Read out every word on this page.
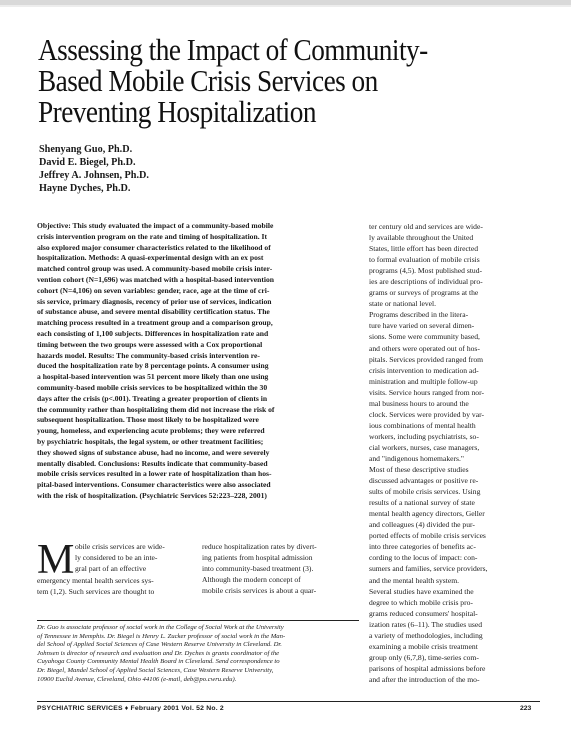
Assessing the Impact of Community-
Based Mobile Crisis Services on
Preventing Hospitalization
Shenyang Guo, Ph.D.
David E. Biegel, Ph.D.
Jeffrey A. Johnsen, Ph.D.
Hayne Dyches, Ph.D.
Objective: This study evaluated the impact of a community-based mobile
crisis intervention program on the rate and timing of hospitalization. It
also explored major consumer characteristics related to the likelihood of
hospitalization. Methods: A quasi-experimental design with an ex post
matched control group was used. A community-based mobile crisis inter-
vention cohort (N=1,696) was matched with a hospital-based intervention
cohort (N=4,106) on seven variables: gender, race, age at the time of cri-
sis service, primary diagnosis, recency of prior use of services, indication
of substance abuse, and severe mental disability certification status. The
matching process resulted in a treatment group and a comparison group,
each consisting of 1,100 subjects. Differences in hospitalization rate and
timing between the two groups were assessed with a Cox proportional
hazards model. Results: The community-based crisis intervention re-
duced the hospitalization rate by 8 percentage points. A consumer using
a hospital-based intervention was 51 percent more likely than one using
community-based mobile crisis services to be hospitalized within the 30
days after the crisis (p<.001). Treating a greater proportion of clients in
the community rather than hospitalizing them did not increase the risk of
subsequent hospitalization. Those most likely to be hospitalized were
young, homeless, and experiencing acute problems; they were referred
by psychiatric hospitals, the legal system, or other treatment facilities;
they showed signs of substance abuse, had no income, and were severely
mentally disabled. Conclusions: Results indicate that community-based
mobile crisis services resulted in a lower rate of hospitalization than hos-
pital-based interventions. Consumer characteristics were also associated
with the risk of hospitalization. (Psychiatric Services 52:223–228, 2001)
M obile crisis services are wide-
ly considered to be an inte-
gral part of an effective
emergency mental health services sys-
tem (1,2). Such services are thought to
reduce hospitalization rates by divert-
ing patients from hospital admission
into community-based treatment (3).
Although the modern concept of
mobile crisis services is about a quar-
ter century old and services are wide-
ly available throughout the United
States, little effort has been directed
to formal evaluation of mobile crisis
programs (4,5). Most published stud-
ies are descriptions of individual pro-
grams or surveys of programs at the
state or national level.
Programs described in the litera-
ture have varied on several dimen-
sions. Some were community based,
and others were operated out of hos-
pitals. Services provided ranged from
crisis intervention to medication ad-
ministration and multiple follow-up
visits. Service hours ranged from nor-
mal business hours to around the
clock. Services were provided by var-
ious combinations of mental health
workers, including psychiatrists, so-
cial workers, nurses, case managers,
and "indigenous homemakers."
Most of these descriptive studies
discussed advantages or positive re-
sults of mobile crisis services. Using
results of a national survey of state
mental health agency directors, Geller
and colleagues (4) divided the pur-
ported effects of mobile crisis services
into three categories of benefits ac-
cording to the locus of impact: con-
sumers and families, service providers,
and the mental health system.
Several studies have examined the
degree to which mobile crisis pro-
grams reduced consumers' hospital-
ization rates (6–11). The studies used
a variety of methodologies, including
examining a mobile crisis treatment
group only (6,7,8), time-series com-
parisons of hospital admissions before
and after the introduction of the mo-
Dr. Guo is associate professor of social work in the College of Social Work at the University
of Tennessee in Memphis. Dr. Biegel is Henry L. Zucker professor of social work in the Man-
del School of Applied Social Sciences of Case Western Reserve University in Cleveland. Dr.
Johnsen is director of research and evaluation and Dr. Dyches is grants coordinator of the
Cuyahoga County Community Mental Health Board in Cleveland. Send correspondence to
Dr. Biegel, Mandel School of Applied Social Sciences, Case Western Reserve University,
10900 Euclid Avenue, Cleveland, Ohio 44106 (e-mail, deb@po.cwru.edu).
PSYCHIATRIC SERVICES ♦ February 2001 Vol. 52 No. 2	223
